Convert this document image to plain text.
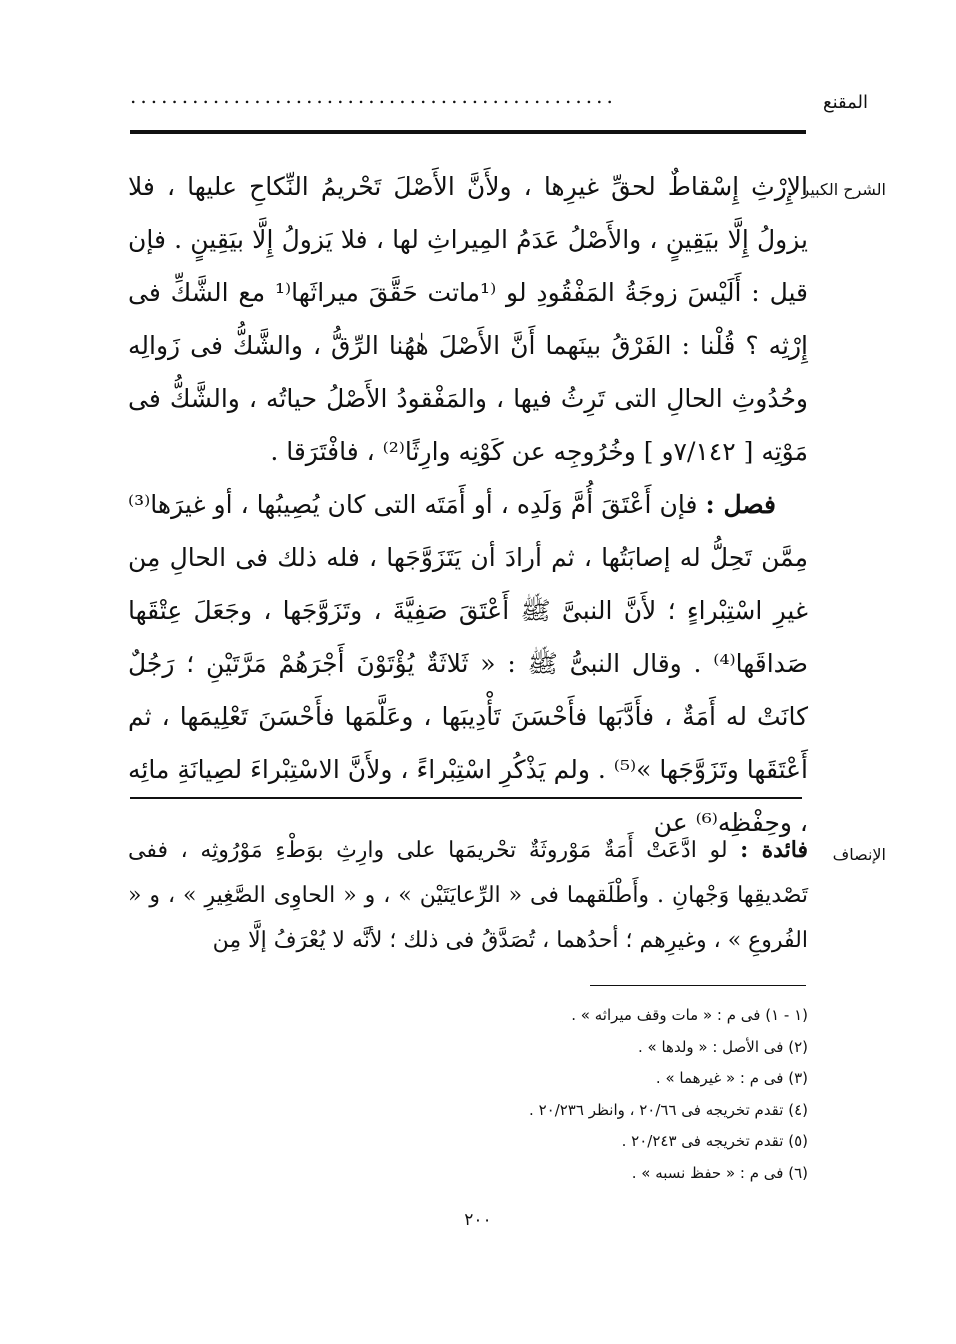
المقنع
...............................................
الشرح الكبير

الإِرْثِ إِسْقاطٌ لحقِّ غيرِها ، ولأَنَّ الأَصْلَ تَحْريمُ النِّكاحِ عليها ، فلا يزولُ إِلَّا بيَقِينٍ ، والأَصْلُ عَدَمُ المِيراثِ لها ، فلا يَزولُ إِلَّا بيَقِينٍ . فإن قيل : أَلَيْسَ زوجَةُ المَفْقُودِ لو ⁽¹ماتت حَقَّقَ ميراثَها⁽¹ مع الشَّكِّ فى إِرْثِه ؟ قُلْنا : الفَرْقُ بينَهما أَنَّ الأَصْلَ هٰهُنا الرِّقُّ ، والشَّكُّ فى زَوالِه وحُدُوثِ الحالِ التى تَرِثُ فيها ، والمَفْقودُ الأَصْلُ حياتُه ، والشَّكُّ فى مَوْتِه [ ٧/١٤٢و ] وخُرُوجِه عن كَوْنِه وارِثًا⁽²⁾ ، فافْتَرَقا .

فصل : فإن أَعْتَقَ أُمَّ وَلَدِه ، أو أَمَتَه التى كان يُصِيبُها ، أو غيرَها⁽³⁾ مِمَّن تَحِلُّ له إصابَتُها ، ثم أرادَ أن يَتَزَوَّجَها ، فله ذلك فى الحالِ مِن غيرِ اسْتِبْراءٍ ؛ لأَنَّ النبىَّ ﷺ أَعْتَقَ صَفِيَّةَ ، وتَزَوَّجَها ، وجَعَلَ عِتْقَها صَداقَها⁽⁴⁾ . وقال النبىُّ ﷺ : « ثَلاثَةٌ يُؤْتَوْنَ أَجْرَهُمْ مَرَّتَيْنِ ؛ رَجُلٌ كانَتْ له أَمَةٌ ، فأَدَّبَها فأَحْسَنَ تَأْدِيبَها ، وعَلَّمَها فأَحْسَنَ تَعْلِيمَها ، ثم أَعْتَقَها وتَزَوَّجَها »⁽⁵⁾ . ولم يَذْكُرِ اسْتِبْراءً ، ولأَنَّ الاسْتِبْراءَ لصِيانَةِ مائِه ، وحِفْظِه⁽⁶⁾ عن

الإنصاف

فائدة : لو ادَّعَتْ أَمَةٌ مَوْروثَةٌ تحْريمَها على وارِثِ بوَطْءِ مَوْرُوثِه ، ففى تَصْديقِها وَجْهانِ . وأَطْلَقهما فى « الرِّعايَتَيْن » ، و « الحاوِى الصَّغِيرِ » ، و « الفُروعِ » ، وغيرِهم ؛ أحدُهما ، تُصَدَّقُ فى ذلك ؛ لأنَّه لا يُعْرَفُ إلَّا مِن

(١ - ١) فى م : « مات وقف ميراثه » .
(٢) فى الأصل : « ولدها » .
(٣) فى م : « غيرهما » .
(٤) تقدم تخريجه فى ٢٠/٦٦ ، وانظر ٢٠/٢٣٦ .
(٥) تقدم تخريجه فى ٢٠/٢٤٣ .
(٦) فى م : « حفظ نسبه » .
٢٠٠
